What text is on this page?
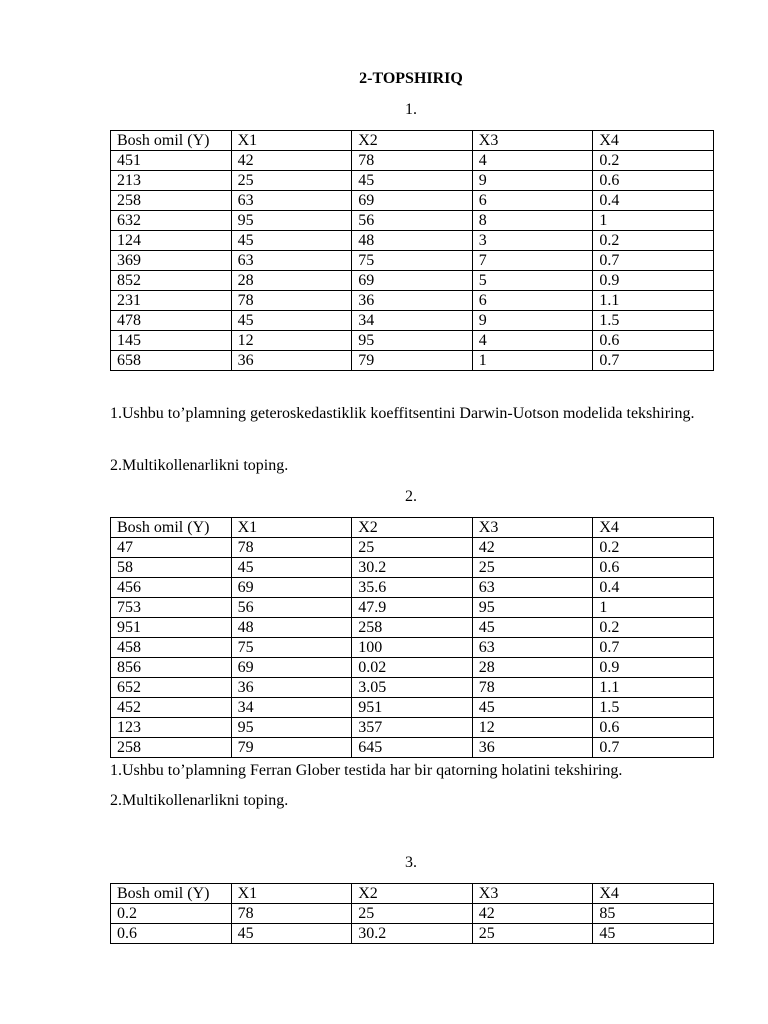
2-TOPSHIRIQ
1.
Bosh omil (Y)	X1	X2	X3	X4
451	42	78	4	0.2
213	25	45	9	0.6
258	63	69	6	0.4
632	95	56	8	1
124	45	48	3	0.2
369	63	75	7	0.7
852	28	69	5	0.9
231	78	36	6	1.1
478	45	34	9	1.5
145	12	95	4	0.6
658	36	79	1	0.7

1.Ushbu to’plamning geteroskedastiklik koeffitsentini Darwin-Uotson modelida tekshiring.

2.Multikollenarlikni toping.

2.
Bosh omil (Y)	X1	X2	X3	X4
47	78	25	42	0.2
58	45	30.2	25	0.6
456	69	35.6	63	0.4
753	56	47.9	95	1
951	48	258	45	0.2
458	75	100	63	0.7
856	69	0.02	28	0.9
652	36	3.05	78	1.1
452	34	951	45	1.5
123	95	357	12	0.6
258	79	645	36	0.7

1.Ushbu to’plamning Ferran Glober testida har bir qatorning holatini tekshiring.

2.Multikollenarlikni toping.

3.
Bosh omil (Y)	X1	X2	X3	X4
0.2	78	25	42	85
0.6	45	30.2	25	45
